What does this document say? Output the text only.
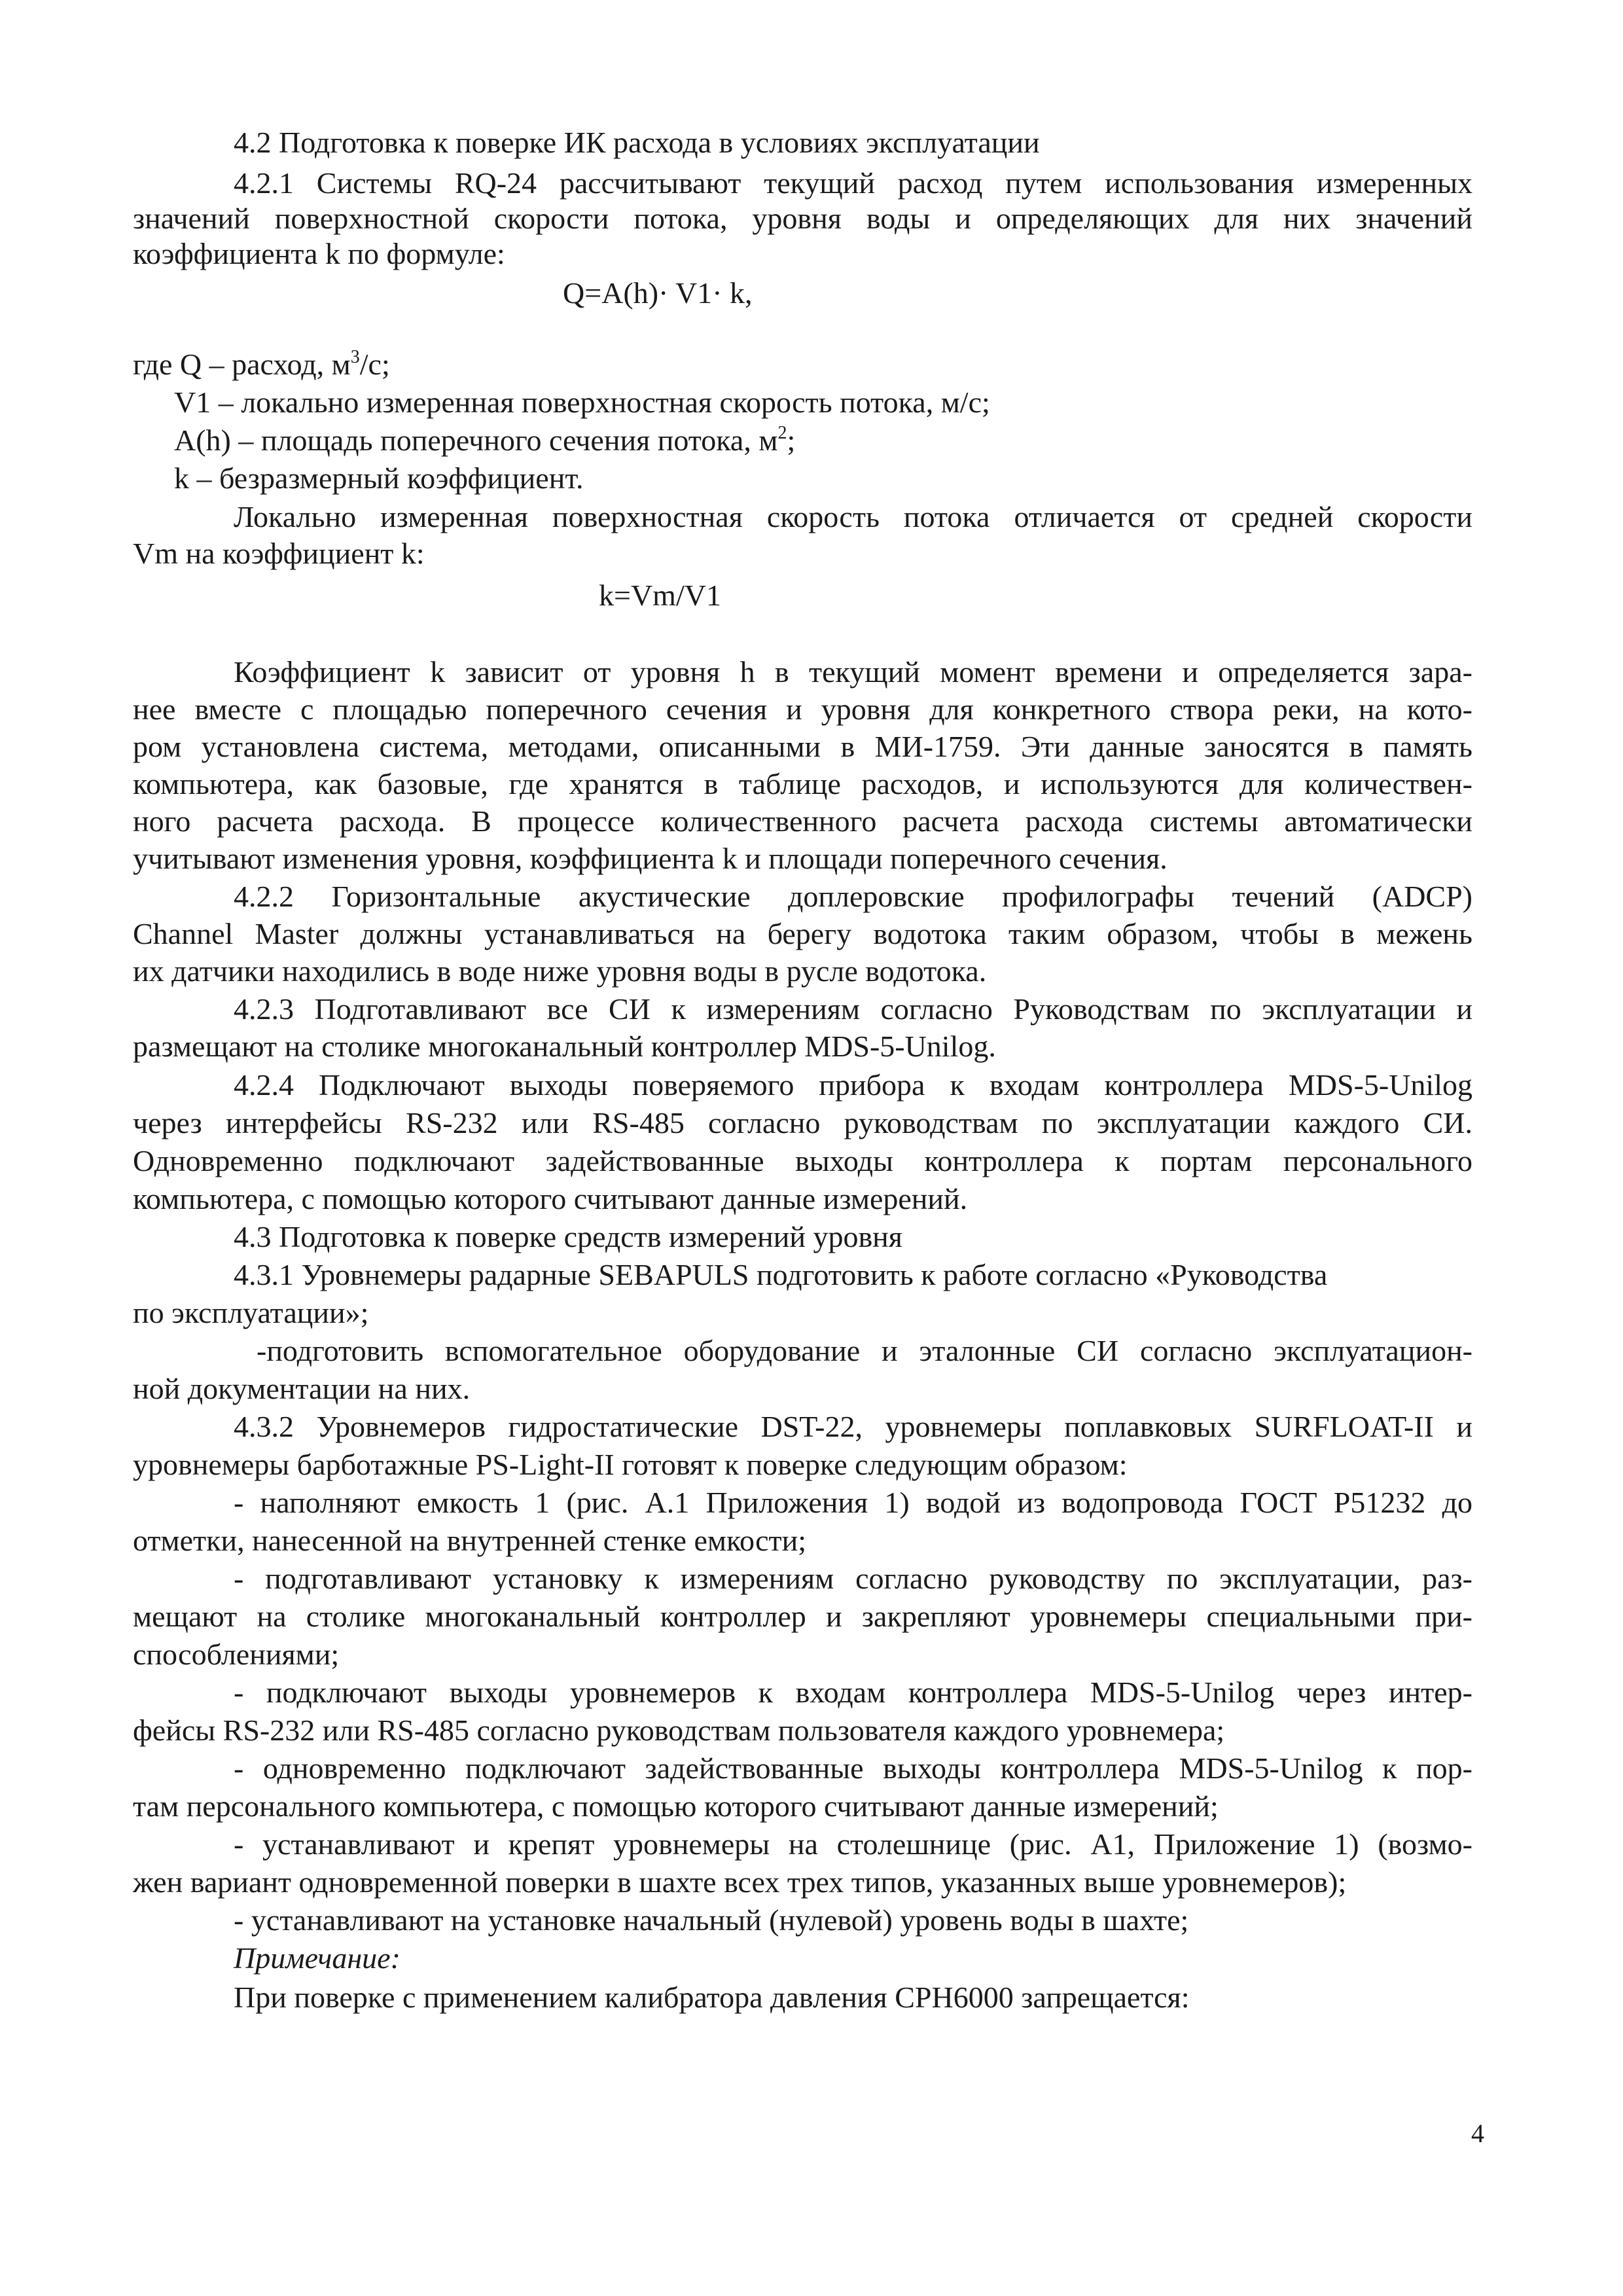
4.2 Подготовка к поверке ИК расхода в условиях эксплуатации
4.2.1 Системы RQ-24 рассчитывают текущий расход путем использования измеренных
значений поверхностной скорости потока, уровня воды и определяющих для них значений
коэффициента k по формуле:
Q=A(h)· V1· k,
где Q – расход, $м^3/с$;
V1 – локально измеренная поверхностная скорость потока, м/с;
A(h) – площадь поперечного сечения потока, $м^2$;
k – безразмерный коэффициент.
Локально измеренная поверхностная скорость потока отличается от средней скорости
Vm на коэффициент k:
k=Vm/V1
Коэффициент k зависит от уровня h в текущий момент времени и определяется зара-
нее вместе с площадью поперечного сечения и уровня для конкретного створа реки, на кото-
ром установлена система, методами, описанными в МИ-1759. Эти данные заносятся в память
компьютера, как базовые, где хранятся в таблице расходов, и используются для количествен-
ного расчета расхода. В процессе количественного расчета расхода системы автоматически
учитывают изменения уровня, коэффициента k и площади поперечного сечения.
4.2.2 Горизонтальные акустические доплеровские профилографы течений (ADCP)
Channel Master должны устанавливаться на берегу водотока таким образом, чтобы в межень
их датчики находились в воде ниже уровня воды в русле водотока.
4.2.3 Подготавливают все СИ к измерениям согласно Руководствам по эксплуатации и
размещают на столике многоканальный контроллер MDS-5-Unilog.
4.2.4 Подключают выходы поверяемого прибора к входам контроллера MDS-5-Unilog
через интерфейсы RS-232 или RS-485 согласно руководствам по эксплуатации каждого СИ.
Одновременно подключают задействованные выходы контроллера к портам персонального
компьютера, с помощью которого считывают данные измерений.
4.3 Подготовка к поверке средств измерений уровня
4.3.1 Уровнемеры радарные SEBAPULS подготовить к работе согласно «Руководства
по эксплуатации»;
-подготовить вспомогательное оборудование и эталонные СИ согласно эксплуатацион-
ной документации на них.
4.3.2 Уровнемеров гидростатические DST-22, уровнемеры поплавковых SURFLOAT-II и
уровнемеры барботажные PS-Light-II готовят к поверке следующим образом:
- наполняют емкость 1 (рис. А.1 Приложения 1) водой из водопровода ГОСТ Р51232 до
отметки, нанесенной на внутренней стенке емкости;
- подготавливают установку к измерениям согласно руководству по эксплуатации, раз-
мещают на столике многоканальный контроллер и закрепляют уровнемеры специальными при-
способлениями;
- подключают выходы уровнемеров к входам контроллера MDS-5-Unilog через интер-
фейсы RS-232 или RS-485 согласно руководствам пользователя каждого уровнемера;
- одновременно подключают задействованные выходы контроллера MDS-5-Unilog к пор-
там персонального компьютера, с помощью которого считывают данные измерений;
- устанавливают и крепят уровнемеры на столешнице (рис. А1, Приложение 1) (возмо-
жен вариант одновременной поверки в шахте всех трех типов, указанных выше уровнемеров);
- устанавливают на установке начальный (нулевой) уровень воды в шахте;
Примечание:
При поверке с применением калибратора давления CPH6000 запрещается:
4
